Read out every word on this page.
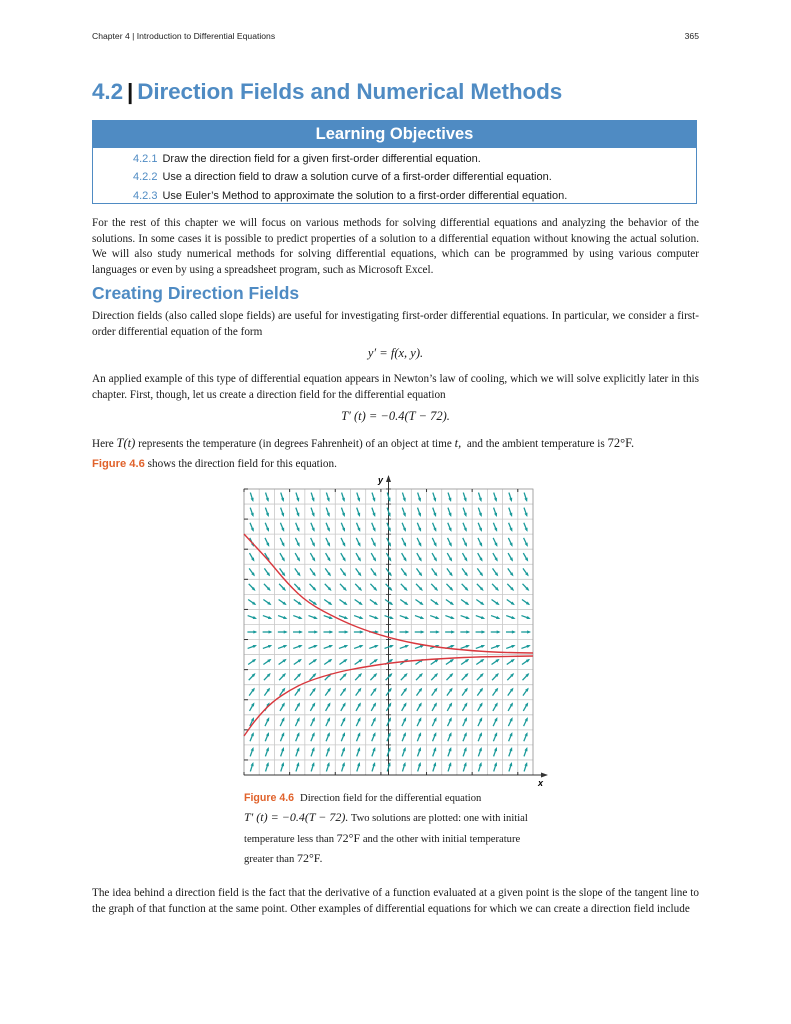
Chapter 4 | Introduction to Differential Equations	365
4.2 | Direction Fields and Numerical Methods
Learning Objectives
4.2.1 Draw the direction field for a given first-order differential equation.
4.2.2 Use a direction field to draw a solution curve of a first-order differential equation.
4.2.3 Use Euler’s Method to approximate the solution to a first-order differential equation.

For the rest of this chapter we will focus on various methods for solving differential equations and analyzing the behavior of the solutions. In some cases it is possible to predict properties of a solution to a differential equation without knowing the actual solution. We will also study numerical methods for solving differential equations, which can be programmed by using various computer languages or even by using a spreadsheet program, such as Microsoft Excel.

Creating Direction Fields

Direction fields (also called slope fields) are useful for investigating first-order differential equations. In particular, we consider a first-order differential equation of the form

y′ = f(x, y).

An applied example of this type of differential equation appears in Newton’s law of cooling, which we will solve explicitly later in this chapter. First, though, let us create a direction field for the differential equation

T′ (t) = −0.4(T − 72).

Here T(t) represents the temperature (in degrees Fahrenheit) of an object at time t, and the ambient temperature is 72°F.
Figure 4.6 shows the direction field for this equation.

y
x
Figure 4.6 Direction field for the differential equation
T′ (t) = −0.4(T − 72). Two solutions are plotted: one with initial temperature less than 72°F and the other with initial temperature greater than 72°F.

The idea behind a direction field is the fact that the derivative of a function evaluated at a given point is the slope of the tangent line to the graph of that function at the same point. Other examples of differential equations for which we can create a direction field include
